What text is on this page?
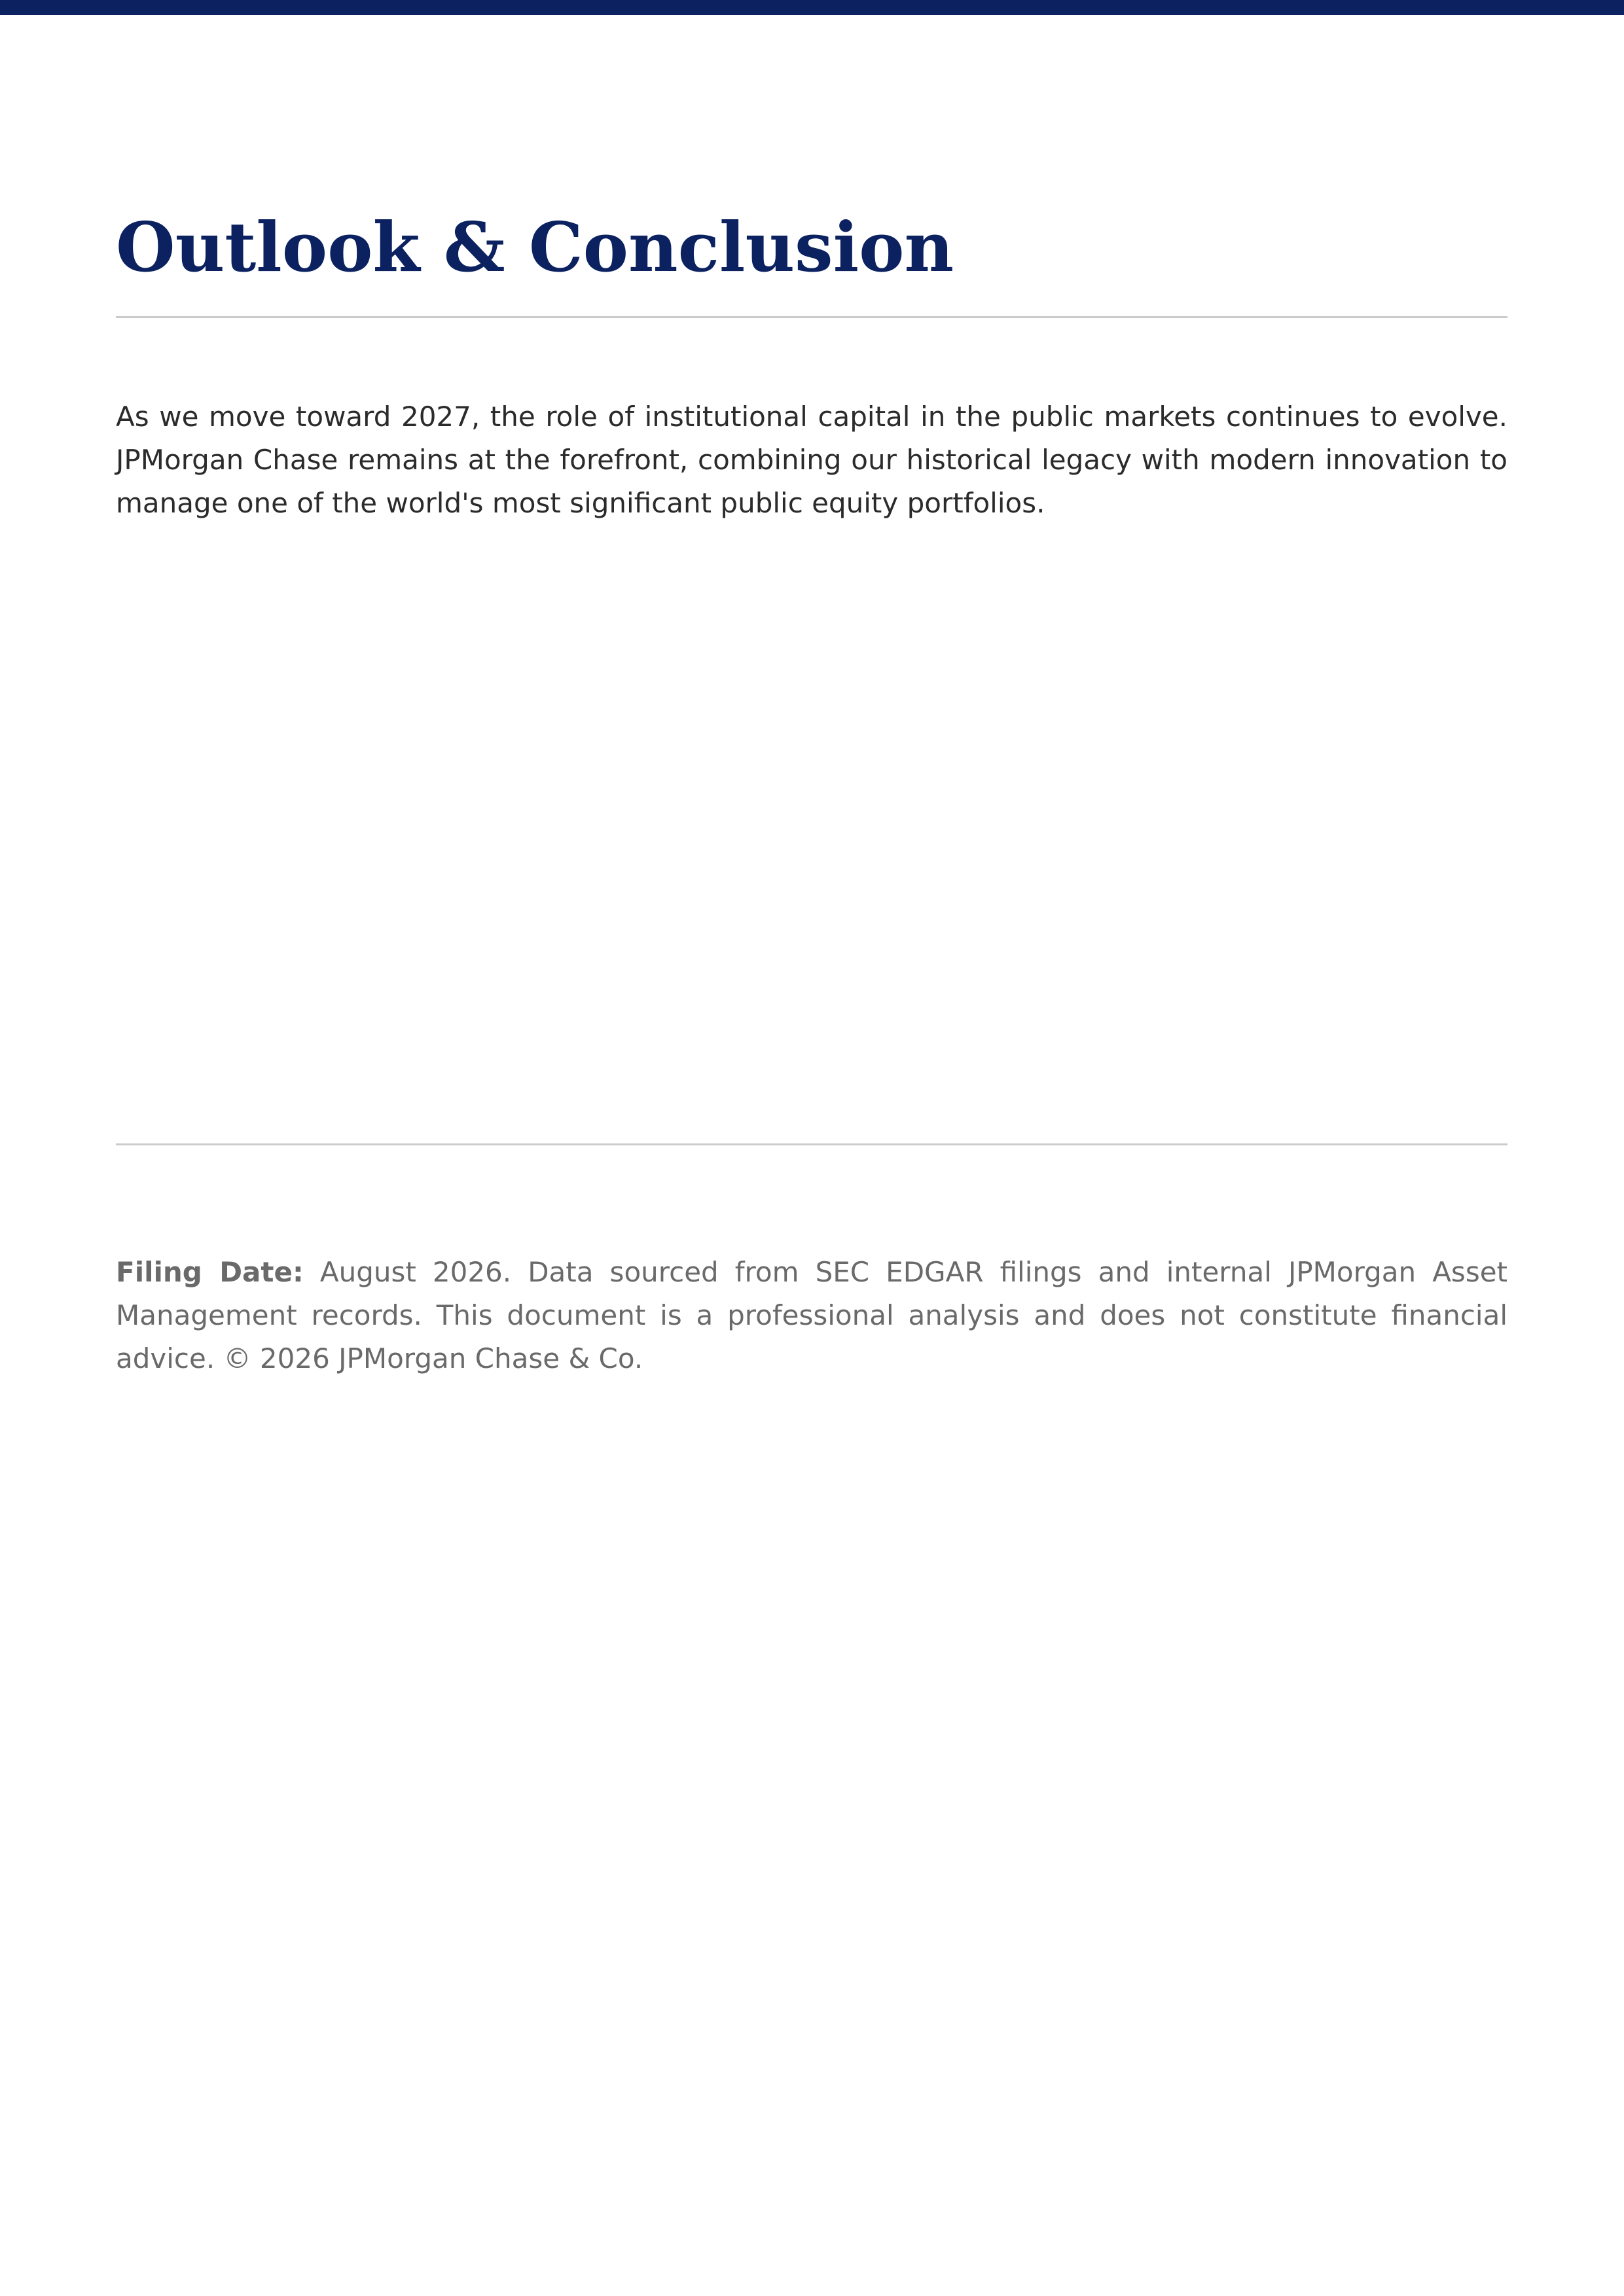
Outlook & Conclusion

As we move toward 2027, the role of institutional capital in the public markets continues to evolve. JPMorgan Chase remains at the forefront, combining our historical legacy with modern innovation to manage one of the world's most significant public equity portfolios.

Filing Date: August 2026. Data sourced from SEC EDGAR filings and internal JPMorgan Asset Management records. This document is a professional analysis and does not constitute financial advice. © 2026 JPMorgan Chase & Co.
